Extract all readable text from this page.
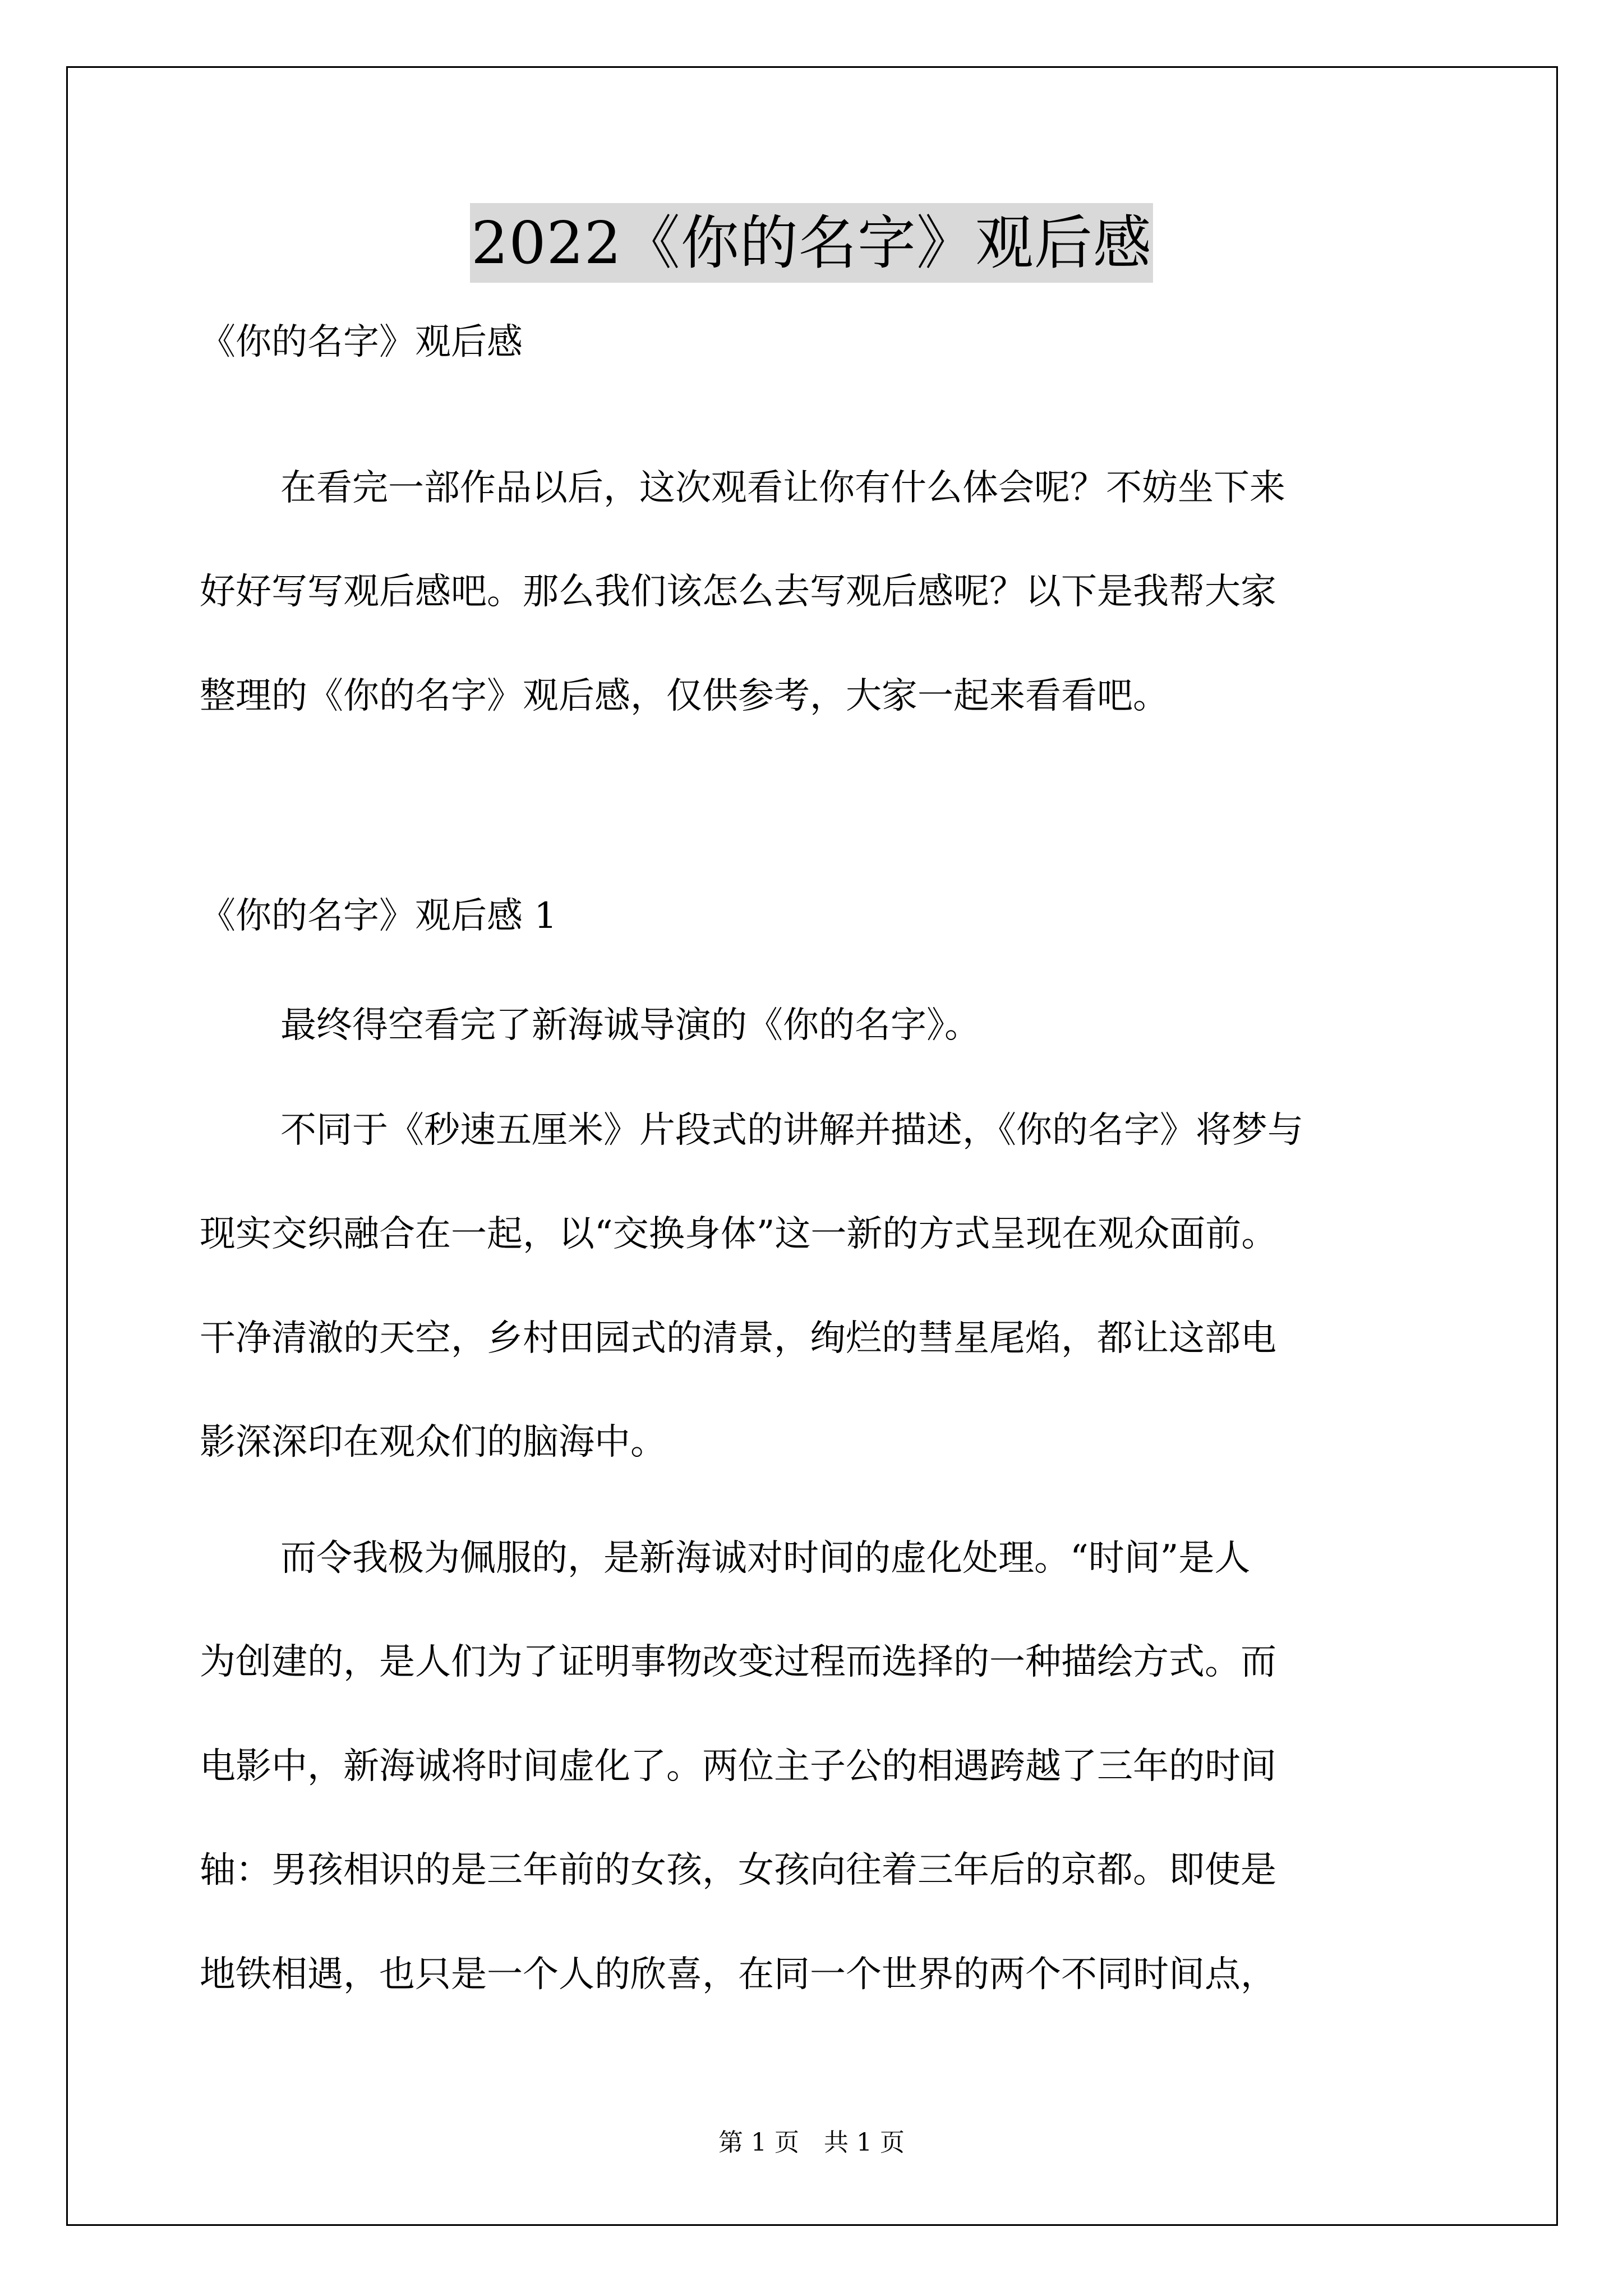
2022《你的名字》观后感
《你的名字》观后感
在看完一部作品以后，这次观看让你有什么体会呢？不妨坐下来
好好写写观后感吧。那么我们该怎么去写观后感呢？以下是我帮大家
整理的《你的名字》观后感，仅供参考，大家一起来看看吧。
《你的名字》观后感 1
最终得空看完了新海诚导演的《你的名字》。
不同于《秒速五厘米》片段式的讲解并描述，《你的名字》将梦与
现实交织融合在一起，以“交换身体”这一新的方式呈现在观众面前。
干净清澈的天空，乡村田园式的清景，绚烂的彗星尾焰，都让这部电
影深深印在观众们的脑海中。
而令我极为佩服的，是新海诚对时间的虚化处理。“时间”是人
为创建的，是人们为了证明事物改变过程而选择的一种描绘方式。而
电影中，新海诚将时间虚化了。两位主子公的相遇跨越了三年的时间
轴：男孩相识的是三年前的女孩，女孩向往着三年后的京都。即使是
地铁相遇，也只是一个人的欣喜，在同一个世界的两个不同时间点，
第 1 页　共 1 页
